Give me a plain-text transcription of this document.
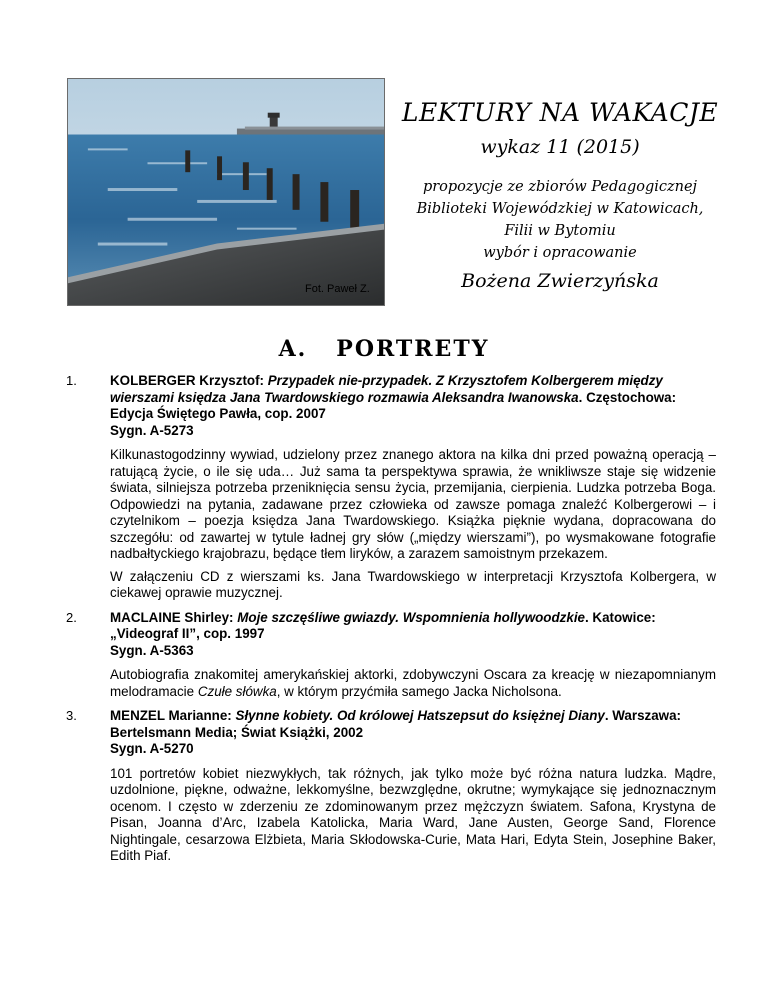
Fot. Paweł Z.
LEKTURY NA WAKACJE
wykaz 11 (2015)
propozycje ze zbiorów Pedagogicznej
Biblioteki Wojewódzkiej w Katowicach,
Filii w Bytomiu
wybór i opracowanie
Bożena Zwierzyńska
A.   PORTRETY
1. KOLBERGER Krzysztof: Przypadek nie-przypadek. Z Krzysztofem Kolbergerem między wierszami księdza Jana Twardowskiego rozmawia Aleksandra Iwanowska. Częstochowa: Edycja Świętego Pawła, cop. 2007
Sygn. A-5273

Kilkunastogodzinny wywiad, udzielony przez znanego aktora na kilka dni przed poważną operacją – ratującą życie, o ile się uda… Już sama ta perspektywa sprawia, że wnikliwsze staje się widzenie świata, silniejsza potrzeba przeniknięcia sensu życia, przemijania, cierpienia. Ludzka potrzeba Boga. Odpowiedzi na pytania, zadawane przez człowieka od zawsze pomaga znaleźć Kolbergerowi – i czytelnikom – poezja księdza Jana Twardowskiego. Książka pięknie wydana, dopracowana do szczegółu: od zawartej w tytule ładnej gry słów („między wierszami”), po wysmakowane fotografie nadbałtyckiego krajobrazu, będące tłem liryków, a zarazem samoistnym przekazem.

W załączeniu CD z wierszami ks. Jana Twardowskiego w interpretacji Krzysztofa Kolbergera, w ciekawej oprawie muzycznej.

2. MACLAINE Shirley: Moje szczęśliwe gwiazdy. Wspomnienia hollywoodzkie. Katowice: „Videograf II”, cop. 1997
Sygn. A-5363

Autobiografia znakomitej amerykańskiej aktorki, zdobywczyni Oscara za kreację w niezapomnianym melodramacie Czułe słówka, w którym przyćmiła samego Jacka Nicholsona.

3. MENZEL Marianne: Słynne kobiety. Od królowej Hatszepsut do księżnej Diany. Warszawa: Bertelsmann Media; Świat Książki, 2002
Sygn. A-5270

101 portretów kobiet niezwykłych, tak różnych, jak tylko może być różna natura ludzka. Mądre, uzdolnione, piękne, odważne, lekkomyślne, bezwzględne, okrutne; wymykające się jednoznacznym ocenom. I często w zderzeniu ze zdominowanym przez mężczyzn światem. Safona, Krystyna de Pisan, Joanna d’Arc, Izabela Katolicka, Maria Ward, Jane Austen, George Sand, Florence Nightingale, cesarzowa Elżbieta, Maria Skłodowska-Curie, Mata Hari, Edyta Stein, Josephine Baker, Edith Piaf.
